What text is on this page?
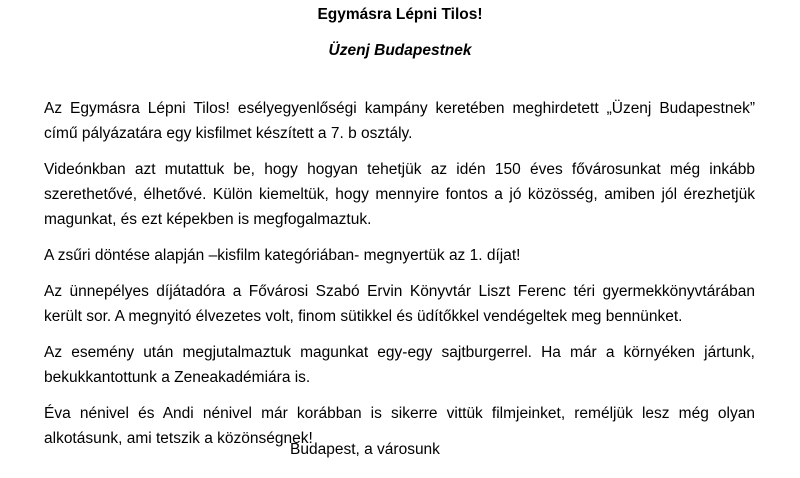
Egymásra Lépni Tilos!
Üzenj Budapestnek

Az Egymásra Lépni Tilos! esélyegyenlőségi kampány keretében meghirdetett „Üzenj Budapestnek” című pályázatára egy kisfilmet készített a 7. b osztály.

Videónkban azt mutattuk be, hogy hogyan tehetjük az idén 150 éves fővárosunkat még inkább szerethetővé, élhetővé. Külön kiemeltük, hogy mennyire fontos a jó közösség, amiben jól érezhetjük magunkat, és ezt képekben is megfogalmaztuk.

A zsűri döntése alapján –kisfilm kategóriában- megnyertük az 1. díjat!

Az ünnepélyes díjátadóra a Fővárosi Szabó Ervin Könyvtár Liszt Ferenc téri gyermekkönyvtárában került sor. A megnyitó élvezetes volt, finom sütikkel és üdítőkkel vendégeltek meg bennünket.

Az esemény után megjutalmaztuk magunkat egy-egy sajtburgerrel. Ha már a környéken jártunk, bekukkantottunk a Zeneakadémiára is.

Éva nénivel és Andi nénivel már korábban is sikerre vittük filmjeinket, reméljük lesz még olyan alkotásunk, ami tetszik a közönségnek!

Budapest, a városunk
